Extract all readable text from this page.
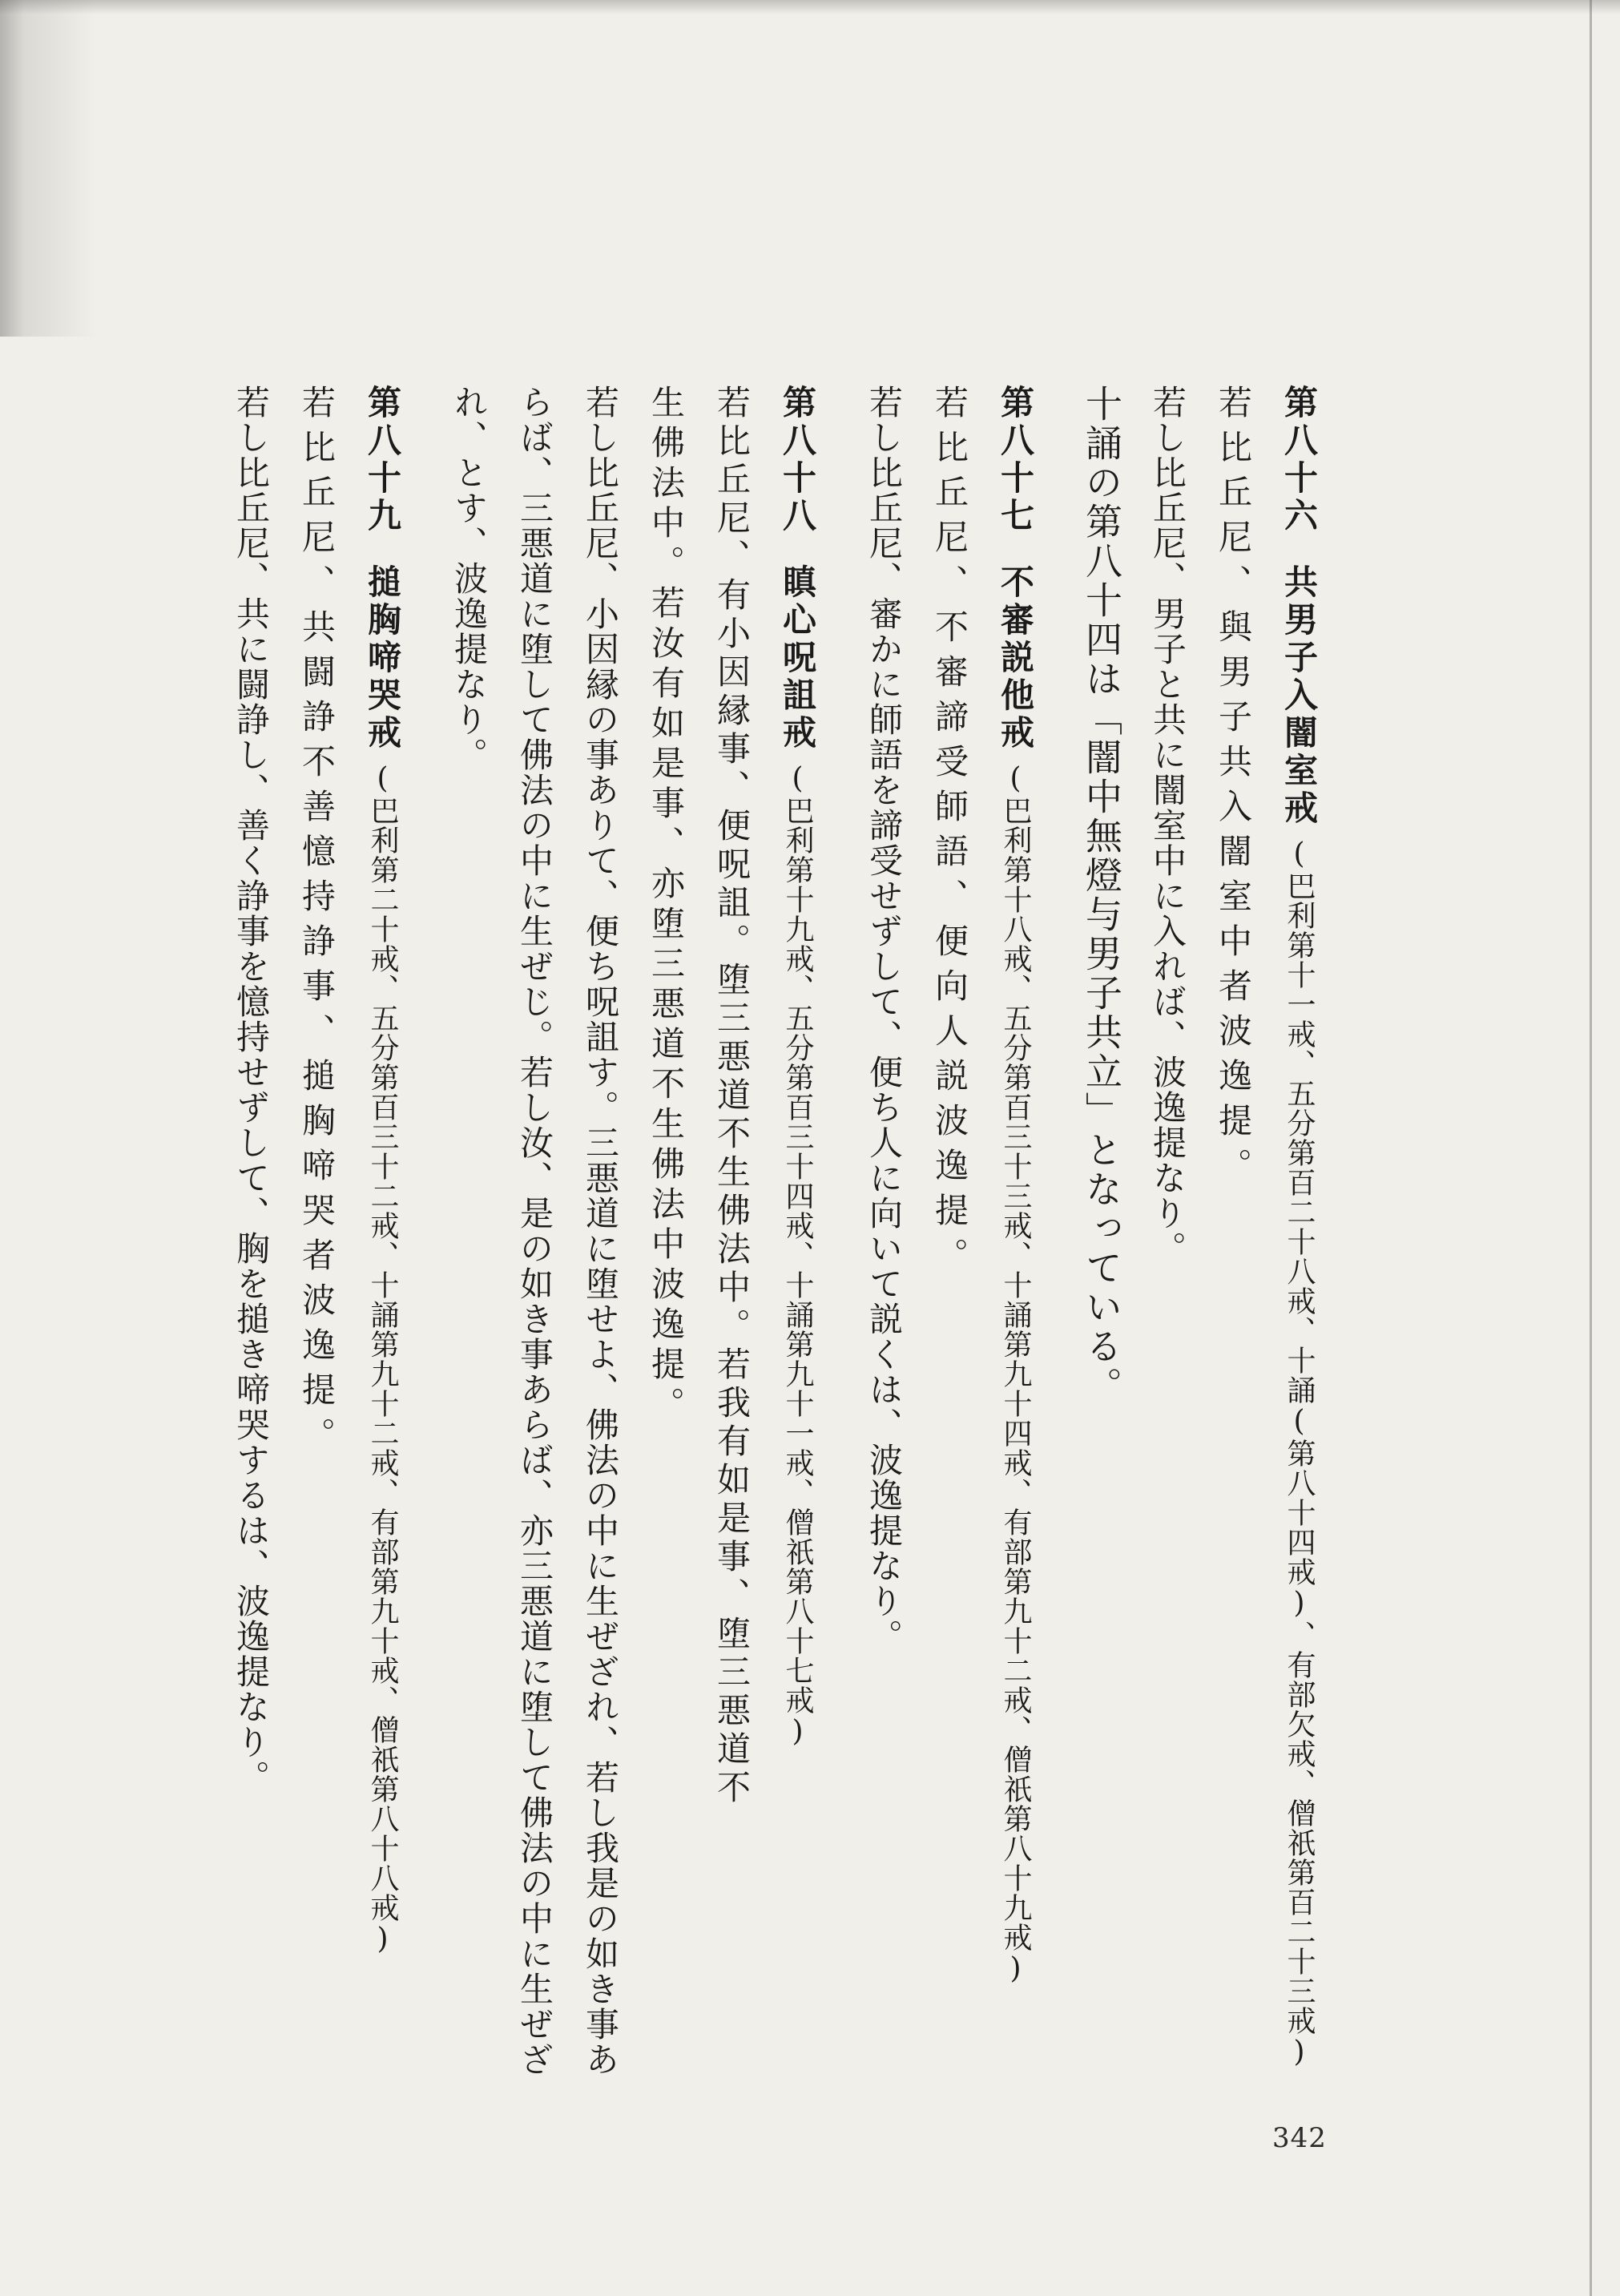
第八十六共男子入闇室戒(巴利第十一戒、五分第百二十八戒、十誦(第八十四戒)、有部欠戒、僧祇第百二十三戒)
若比丘尼、與男子共入闇室中者波逸提。
若し比丘尼、男子と共に闇室中に入れば、波逸提なり。
十誦の第八十四は「闇中無燈与男子共立」となっている。
第八十七不審説他戒(巴利第十八戒、五分第百三十三戒、十誦第九十四戒、有部第九十二戒、僧祇第八十九戒)
若比丘尼、不審諦受師語、便向人説波逸提。
若し比丘尼、審かに師語を諦受せずして、便ち人に向いて説くは、波逸提なり。
第八十八瞋心呪詛戒(巴利第十九戒、五分第百三十四戒、十誦第九十一戒、僧祇第八十七戒)
若比丘尼、有小因縁事、便呪詛。堕三悪道不生佛法中。若我有如是事、堕三悪道不
生佛法中。若汝有如是事、亦堕三悪道不生佛法中波逸提。
若し比丘尼、小因縁の事ありて、便ち呪詛す。三悪道に堕せよ、佛法の中に生ぜざれ、若し我是の如き事あ
らば、三悪道に堕して佛法の中に生ぜじ。若し汝、是の如き事あらば、亦三悪道に堕して佛法の中に生ぜざ
れ、とす、波逸提なり。
第八十九搥胸啼哭戒(巴利第二十戒、五分第百三十二戒、十誦第九十二戒、有部第九十戒、僧祇第八十八戒)
若比丘尼、共闘諍不善憶持諍事、搥胸啼哭者波逸提。
若し比丘尼、共に闘諍し、善く諍事を憶持せずして、胸を搥き啼哭するは、波逸提なり。
342
